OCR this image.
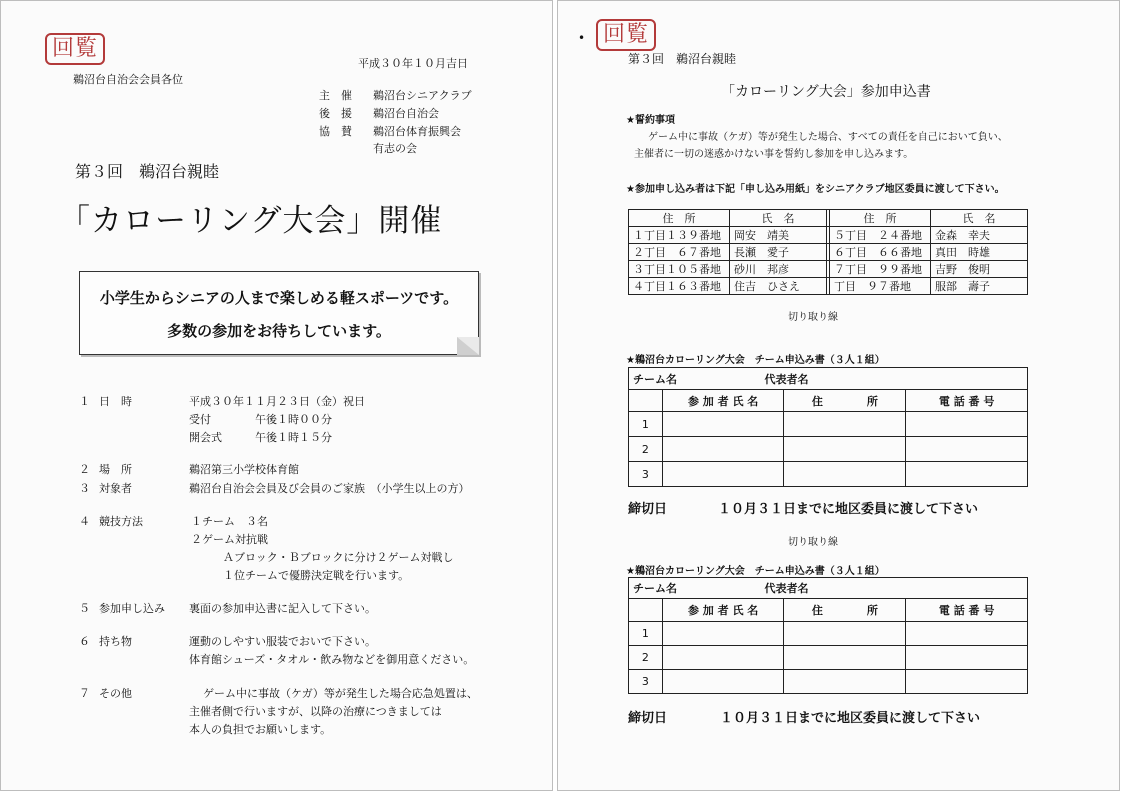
回覧
平成３０年１０月吉日
鵜沼台自治会会員各位
主　催 鵜沼台シニアクラブ
後　援 鵜沼台自治会
協　賛 鵜沼台体育振興会
有志の会
第３回　鵜沼台親睦
「カローリング大会」開催
小学生からシニアの人まで楽しめる軽スポーツです。
多数の参加をお待ちしています。
１ 日　時	平成３０年１１月２３日（金）祝日
受付　　　　午後１時００分
開会式　　　午後１時１５分
２ 場　所	鵜沼第三小学校体育館
３ 対象者	鵜沼台自治会会員及び会員のご家族　（小学生以上の方）
４ 競技方法	１チーム　３名
２ゲーム対抗戦
Ａブロック・Ｂブロックに分け２ゲーム対戦し
１位チームで優勝決定戦を行います。
５ 参加申し込み 裏面の参加申込書に記入して下さい。
６ 持ち物	運動のしやすい服装でおいで下さい。
体育館シューズ・タオル・飲み物などを御用意ください。
７ その他	ゲーム中に事故（ケガ）等が発生した場合応急処置は、
主催者側で行いますが、以降の治療につきましては
本人の負担でお願いします。
• 回覧
第３回　鵜沼台親睦
「カローリング大会」参加申込書
★誓約事項
ゲーム中に事故（ケガ）等が発生した場合、すべての責任を自己において負い、
主催者に一切の迷惑かけない事を誓約し参加を申し込みます。
★参加申し込み者は下記「申し込み用紙」をシニアクラブ地区委員に渡して下さい。
住　所	氏　名		住　所	氏　名
１丁目１３９番地	岡安　靖美		５丁目　２４番地	金森　幸夫
２丁目　６７番地	長瀬　愛子		６丁目　６６番地	真田　時雄
３丁目１０５番地	砂川　邦彦		７丁目　９９番地	吉野　俊明
４丁目１６３番地	住吉　ひさえ		丁目　９７番地	服部　壽子
切り取り線
★鵜沼台カローリング大会　チーム申込み書（３人１組）
チーム名 代表者名			
	参 加 者 氏 名	住　　　　所	電 話 番 号
1			
2			
3			
締切日	１０月３１日までに地区委員に渡して下さい
切り取り線
★鵜沼台カローリング大会　チーム申込み書（３人１組）
チーム名 代表者名			
	参 加 者 氏 名	住　　　　所	電 話 番 号
1			
2			
3			
締切日	１０月３１日までに地区委員に渡して下さい
